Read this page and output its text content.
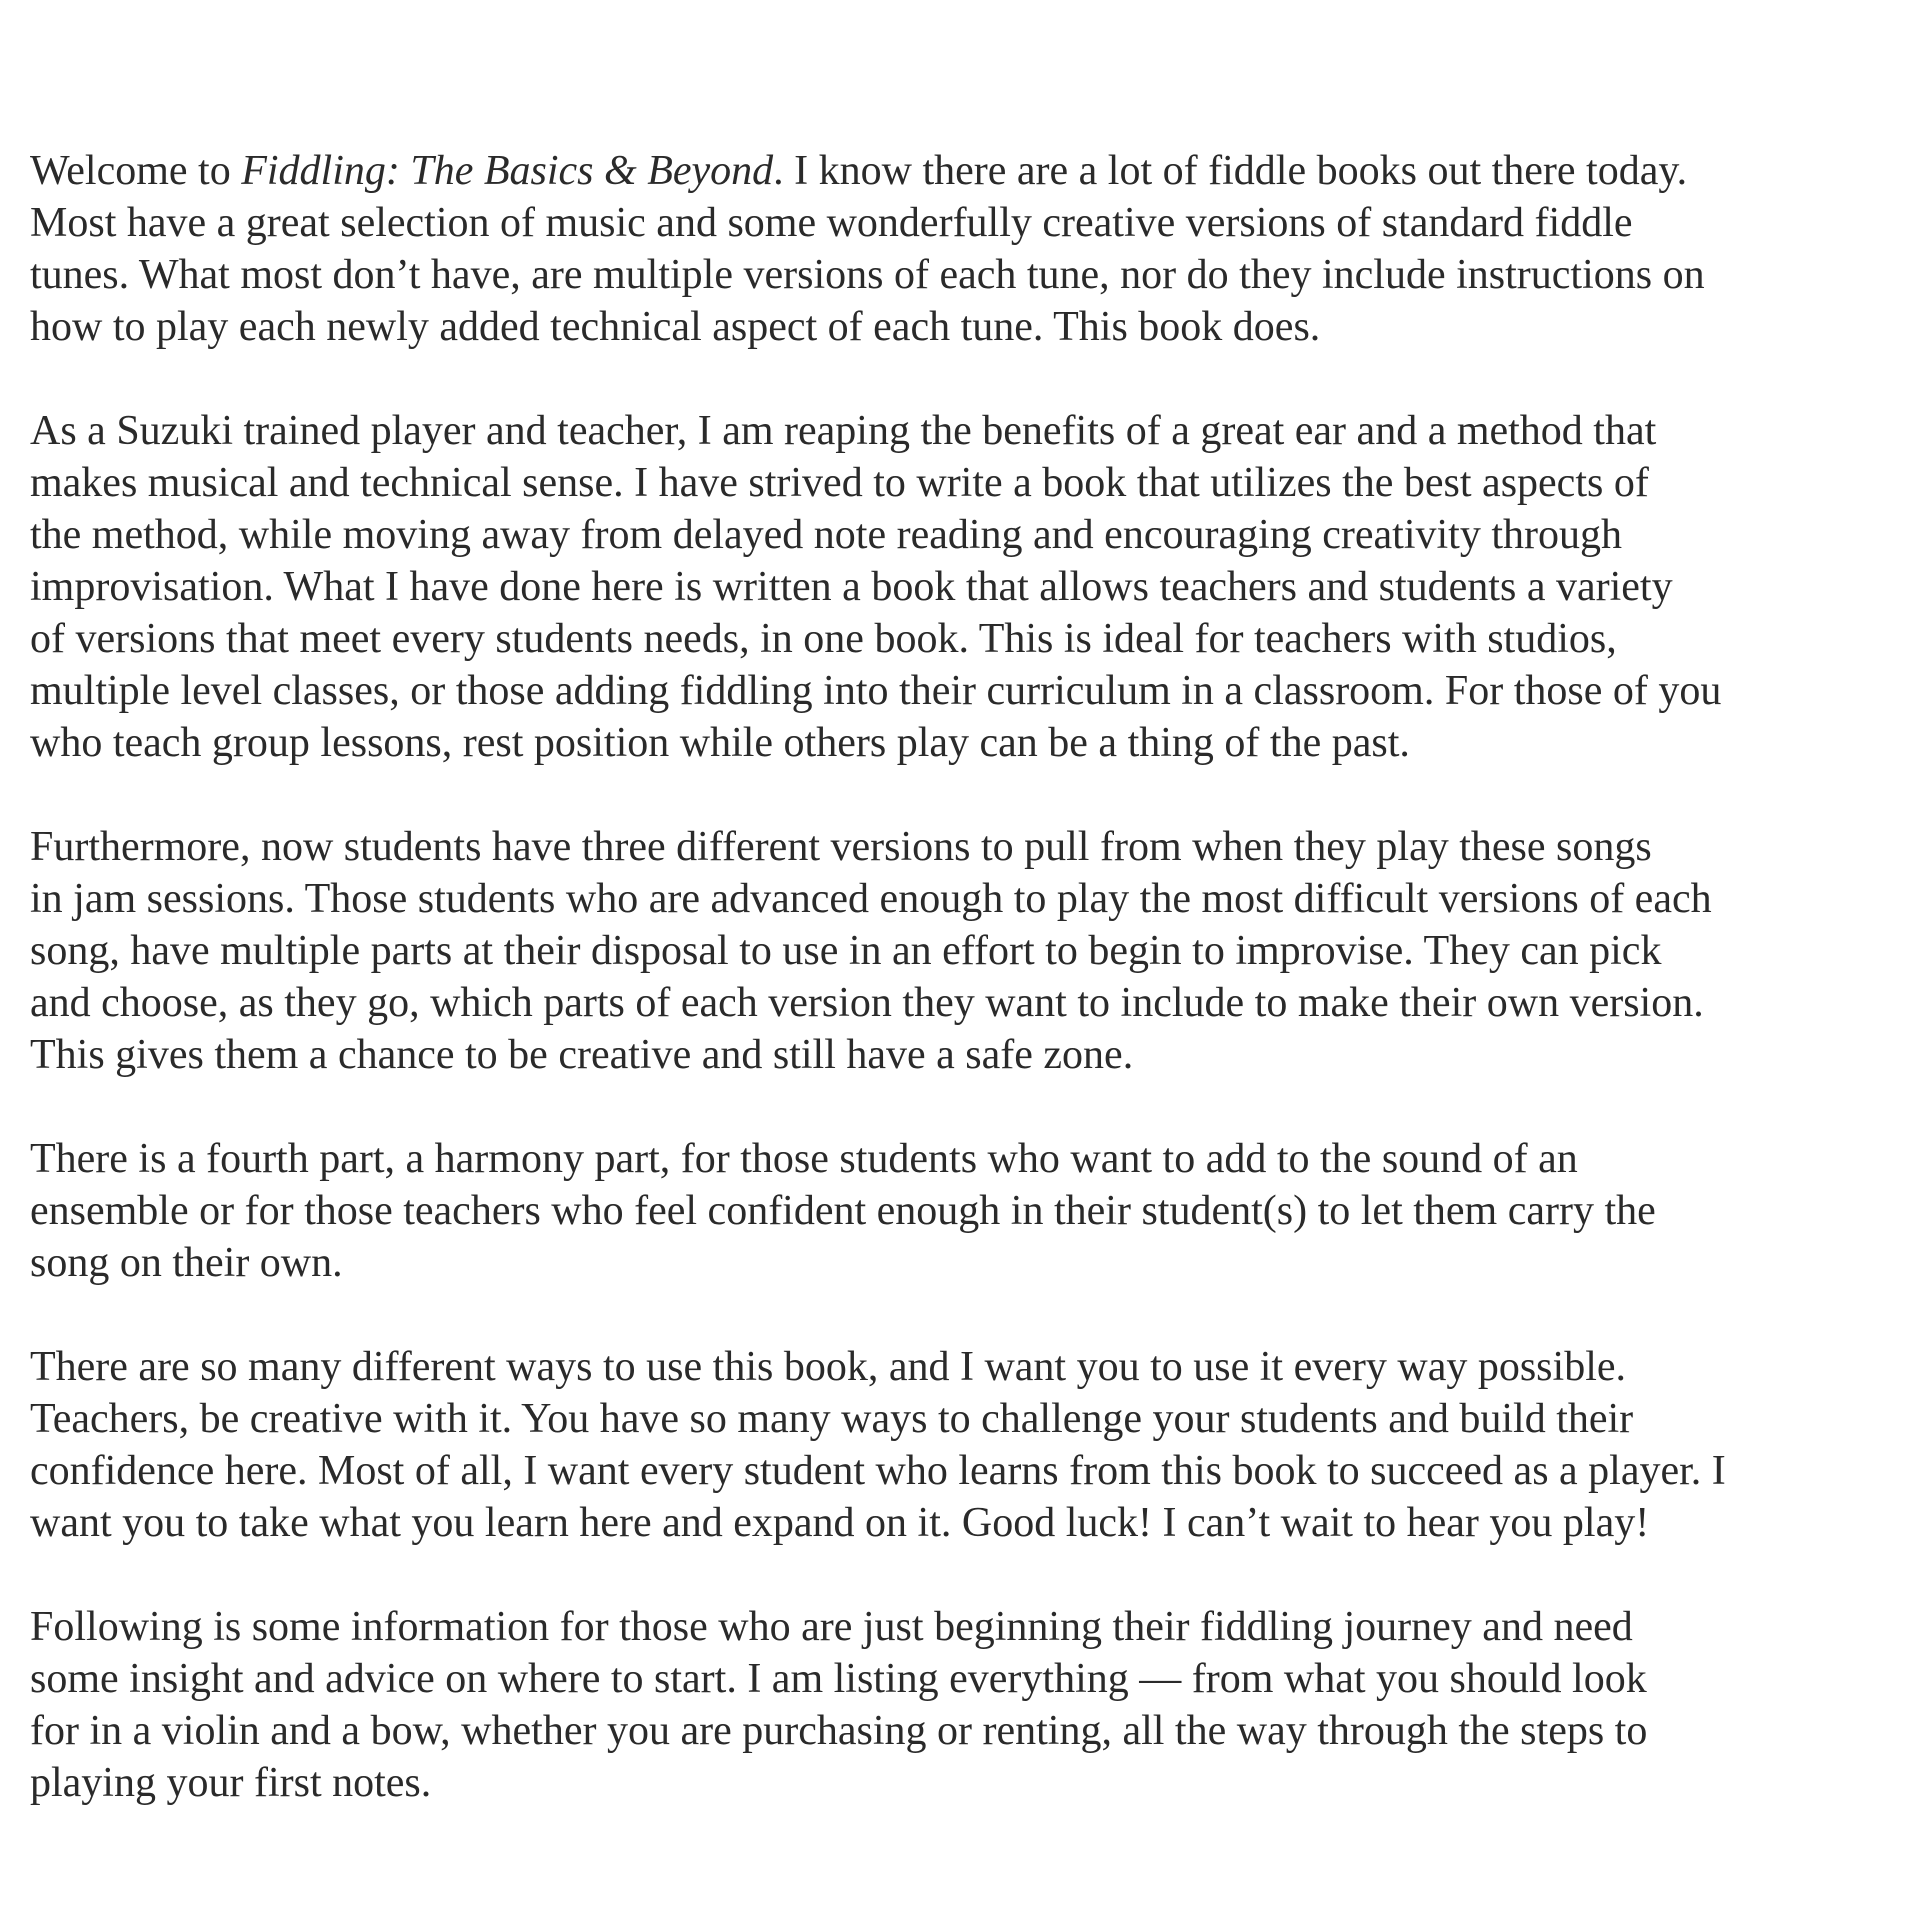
Welcome to Fiddling: The Basics & Beyond. I know there are a lot of fiddle books out there today.
Most have a great selection of music and some wonderfully creative versions of standard fiddle
tunes. What most don’t have, are multiple versions of each tune, nor do they include instructions on
how to play each newly added technical aspect of each tune. This book does.

As a Suzuki trained player and teacher, I am reaping the benefits of a great ear and a method that
makes musical and technical sense. I have strived to write a book that utilizes the best aspects of
the method, while moving away from delayed note reading and encouraging creativity through
improvisation. What I have done here is written a book that allows teachers and students a variety
of versions that meet every students needs, in one book. This is ideal for teachers with studios,
multiple level classes, or those adding fiddling into their curriculum in a classroom. For those of you
who teach group lessons, rest position while others play can be a thing of the past.

Furthermore, now students have three different versions to pull from when they play these songs
in jam sessions. Those students who are advanced enough to play the most difficult versions of each
song, have multiple parts at their disposal to use in an effort to begin to improvise. They can pick
and choose, as they go, which parts of each version they want to include to make their own version.
This gives them a chance to be creative and still have a safe zone.

There is a fourth part, a harmony part, for those students who want to add to the sound of an
ensemble or for those teachers who feel confident enough in their student(s) to let them carry the
song on their own.

There are so many different ways to use this book, and I want you to use it every way possible.
Teachers, be creative with it. You have so many ways to challenge your students and build their
confidence here. Most of all, I want every student who learns from this book to succeed as a player. I
want you to take what you learn here and expand on it. Good luck! I can’t wait to hear you play!

Following is some information for those who are just beginning their fiddling journey and need
some insight and advice on where to start. I am listing everything — from what you should look
for in a violin and a bow, whether you are purchasing or renting, all the way through the steps to
playing your first notes.
